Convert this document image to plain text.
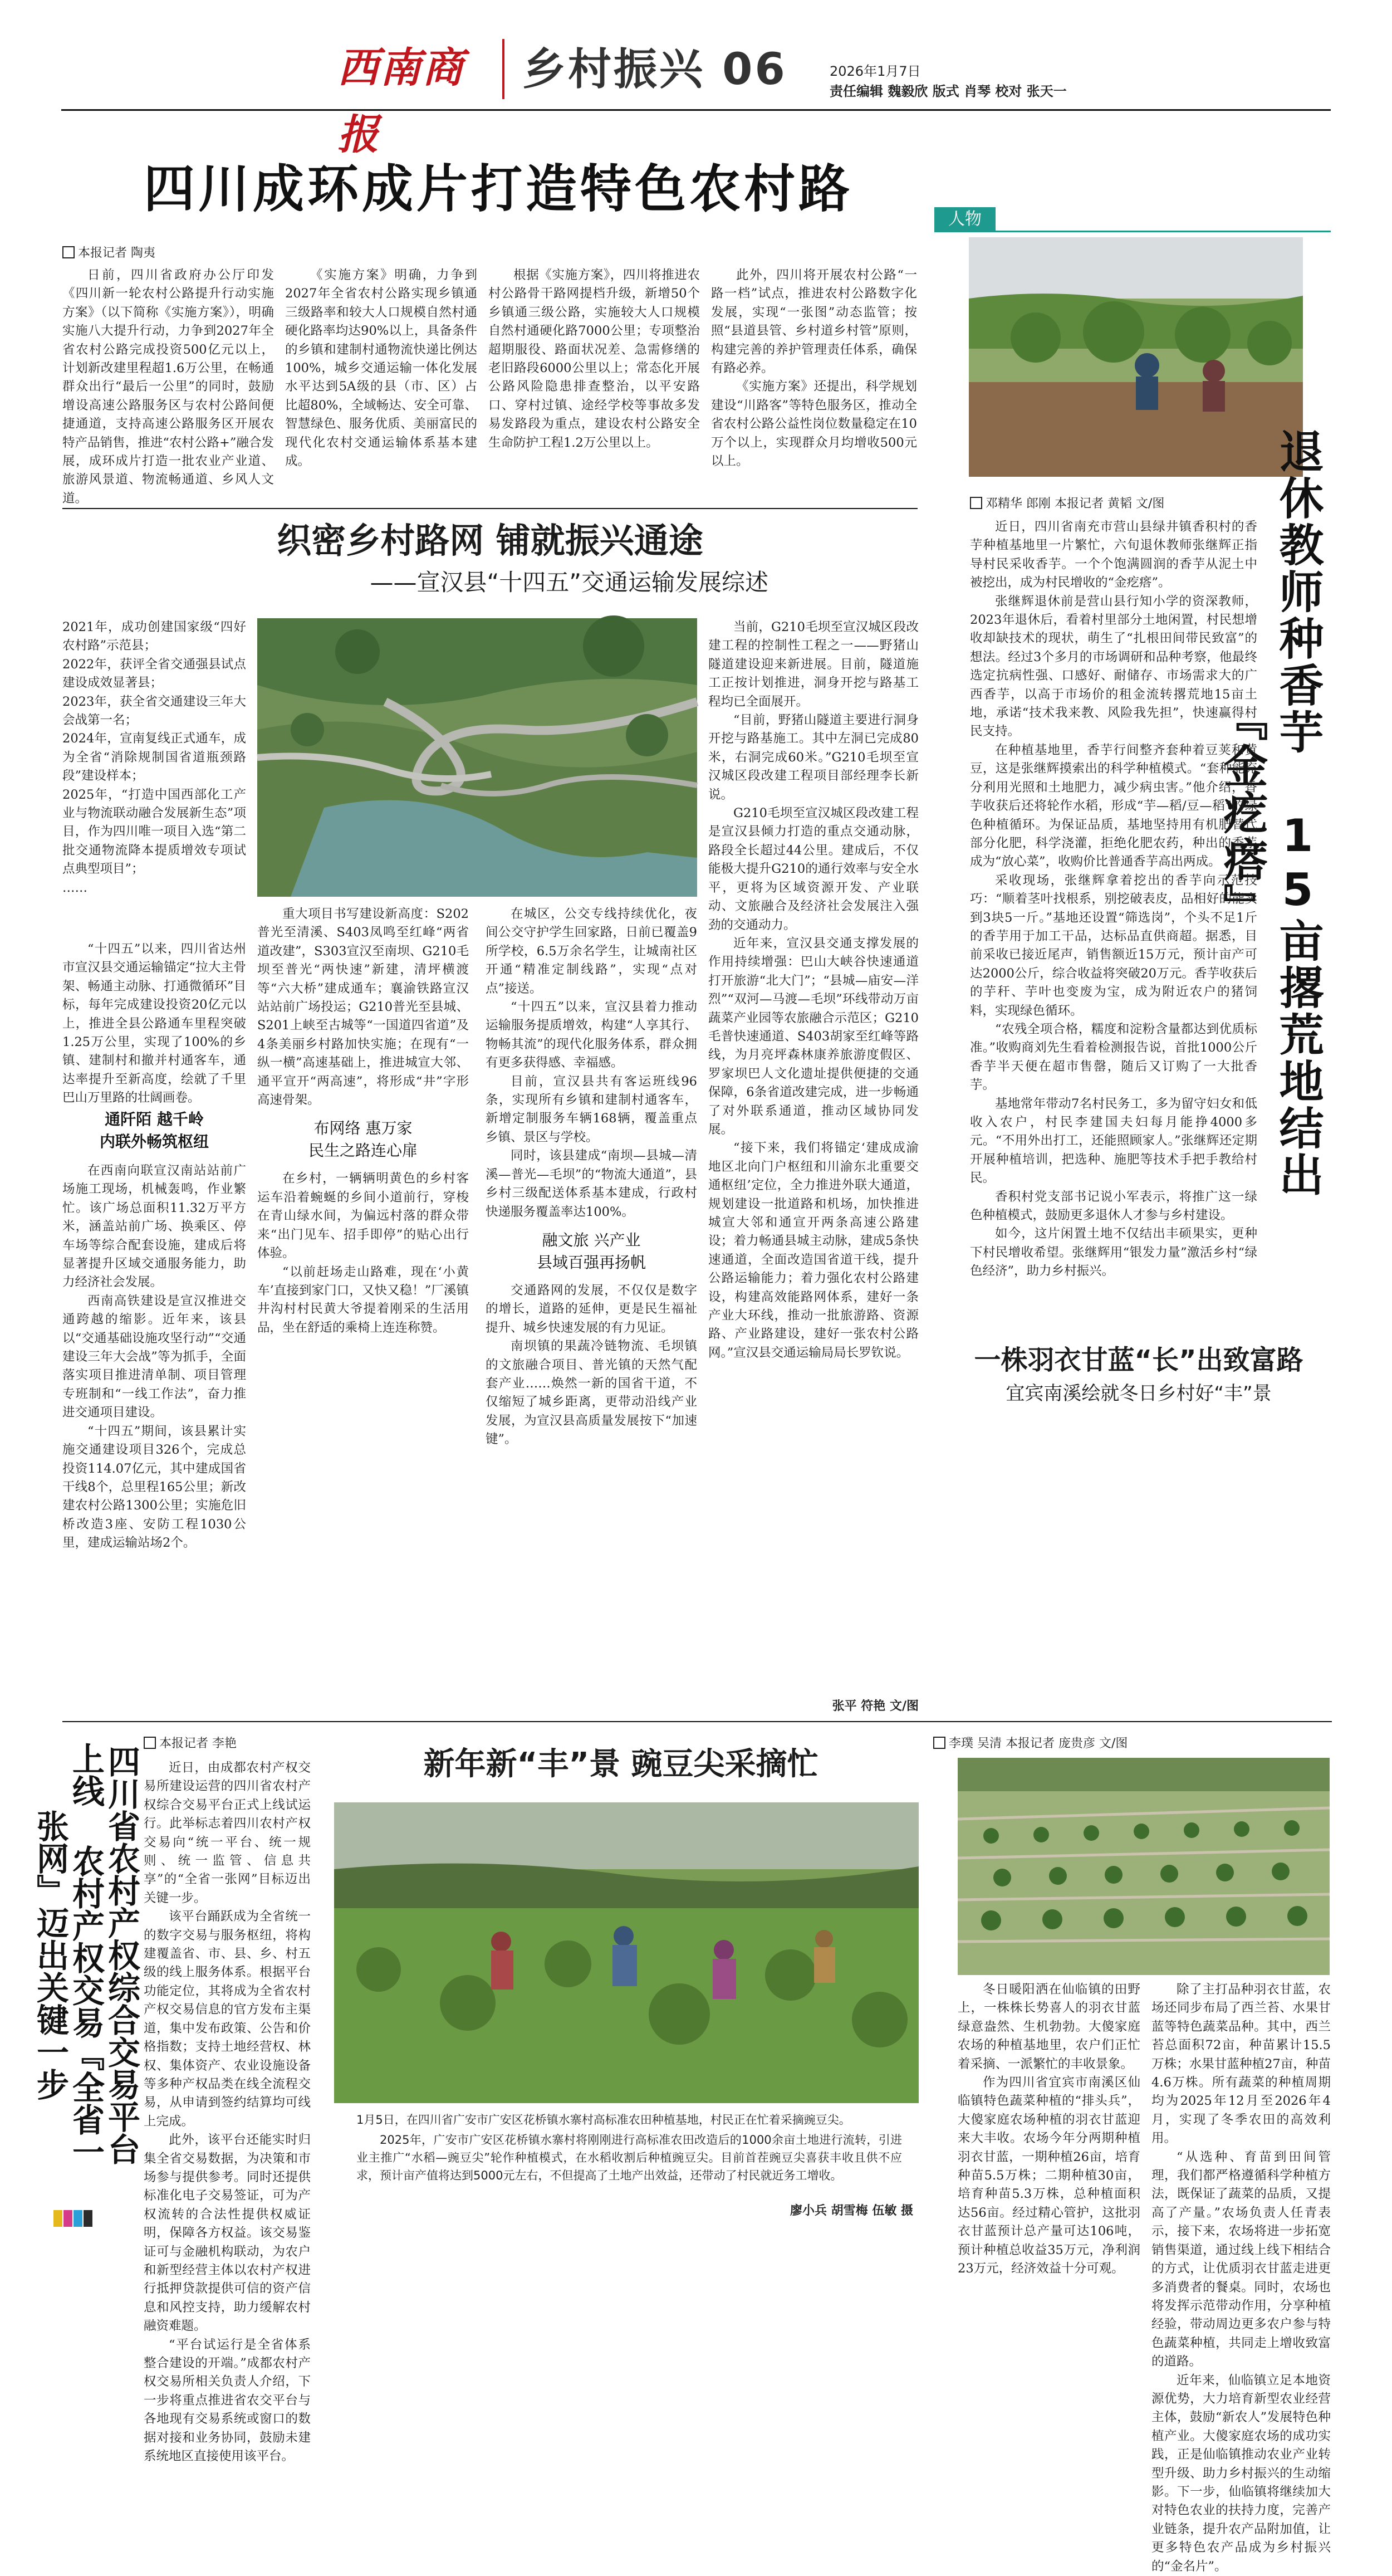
西南商报
乡村振兴 06	2026年1月7日
责任编辑 魏毅欣 版式 肖琴 校对 张天一
四川成环成片打造特色农村路
本报记者 陶夷

日前，四川省政府办公厅印发《四川新一轮农村公路提升行动实施方案》（以下简称《实施方案》），明确实施八大提升行动，力争到2027年全省农村公路完成投资500亿元以上，计划新改建里程超1.6万公里，在畅通群众出行“最后一公里”的同时，鼓励增设高速公路服务区与农村公路间便捷通道，支持高速公路服务区开展农特产品销售，推进“农村公路+”融合发展，成环成片打造一批农业产业道、旅游风景道、物流畅通道、乡风人文道。

《实施方案》明确，力争到2027年全省农村公路实现乡镇通三级路率和较大人口规模自然村通硬化路率均达90%以上，具备条件的乡镇和建制村通物流快递比例达100%，城乡交通运输一体化发展水平达到5A级的县（市、区）占比超80%，全域畅达、安全可靠、智慧绿色、服务优质、美丽富民的现代化农村交通运输体系基本建成。

根据《实施方案》，四川将推进农村公路骨干路网提档升级，新增50个乡镇通三级公路，实施较大人口规模自然村通硬化路7000公里；专项整治超期服役、路面状况差、急需修缮的老旧路段6000公里以上；常态化开展公路风险隐患排查整治，以平安路口、穿村过镇、途经学校等事故多发易发路段为重点，建设农村公路安全生命防护工程1.2万公里以上。

此外，四川将开展农村公路“一路一档”试点，推进农村公路数字化发展，实现“一张图”动态监管；按照“县道县管、乡村道乡村管”原则，构建完善的养护管理责任体系，确保有路必养。

《实施方案》还提出，科学规划建设“川路客”等特色服务区，推动全省农村公路公益性岗位数量稳定在10万个以上，实现群众月均增收500元以上。

织密乡村路网 铺就振兴通途
——宣汉县“十四五”交通运输发展综述

2021年，成功创建国家级“四好农村路”示范县；

2022年，获评全省交通强县试点建设成效显著县；

2023年，获全省交通建设三年大会战第一名；

2024年，宣南复线正式通车，成为全省“消除规制国省道瓶颈路段”建设样本；

2025年，“打造中国西部化工产业与物流联动融合发展新生态”项目，作为四川唯一项目入选“第二批交通物流降本提质增效专项试点典型项目”；

……

“十四五”以来，四川省达州市宣汉县交通运输锚定“拉大主骨架、畅通主动脉、打通微循环”目标，每年完成建设投资20亿元以上，推进全县公路通车里程突破1.25万公里，实现了100%的乡镇、建制村和撤并村通客车，通达率提升至新高度，绘就了千里巴山万里路的壮阔画卷。

通阡陌 越千岭
内联外畅筑枢纽

在西南向联宣汉南站站前广场施工现场，机械轰鸣，作业繁忙。该广场总面积11.32万平方米，涵盖站前广场、换乘区、停车场等综合配套设施，建成后将显著提升区域交通服务能力，助力经济社会发展。

西南高铁建设是宣汉推进交通跨越的缩影。近年来，该县以“交通基础设施攻坚行动”“交通建设三年大会战”等为抓手，全面落实项目推进清单制、项目管理专班制和“一线工作法”，奋力推进交通项目建设。

“十四五”期间，该县累计实施交通建设项目326个，完成总投资114.07亿元，其中建成国省干线8个，总里程165公里；新改建农村公路1300公里；实施危旧桥改造3座、安防工程1030公里，建成运输站场2个。

重大项目书写建设新高度：S202普光至清溪、S403凤鸣至红峰“两省道改建”，S303宣汉至南坝、G210毛坝至普光“两快速”新建，清坪横渡等“六大桥”建成通车；襄渝铁路宣汉站站前广场投运；G210普光至县城、S201上峡至古城等“一国道四省道”及4条美丽乡村路加快实施；在现有“一纵一横”高速基础上，推进城宣大邻、通平宣开“两高速”，将形成“井”字形高速骨架。

布网络 惠万家
民生之路连心扉

在乡村，一辆辆明黄色的乡村客运车沿着蜿蜒的乡间小道前行，穿梭在青山绿水间，为偏远村落的群众带来“出门见车、招手即停”的贴心出行体验。

“以前赶场走山路难，现在‘小黄车’直接到家门口，又快又稳！”厂溪镇井沟村村民黄大爷提着刚采的生活用品，坐在舒适的乘椅上连连称赞。

在城区，公交专线持续优化，夜间公交守护学生回家路，日前已覆盖9所学校，6.5万余名学生，让城南社区开通“精准定制线路”，实现“点对点”接送。

“十四五”以来，宣汉县着力推动运输服务提质增效，构建“人享其行、物畅其流”的现代化服务体系，群众拥有更多获得感、幸福感。

目前，宣汉县共有客运班线96条，实现所有乡镇和建制村通客车，新增定制服务车辆168辆，覆盖重点乡镇、景区与学校。

同时，该县建成“南坝—县城—清溪—普光—毛坝”的“物流大通道”，县乡村三级配送体系基本建成，行政村快递服务覆盖率达100%。

融文旅 兴产业
县域百强再扬帆

交通路网的发展，不仅仅是数字的增长，道路的延伸，更是民生福祉提升、城乡快速发展的有力见证。

南坝镇的果蔬冷链物流、毛坝镇的文旅融合项目、普光镇的天然气配套产业……焕然一新的国省干道，不仅缩短了城乡距离，更带动沿线产业发展，为宣汉县高质量发展按下“加速键”。

当前，G210毛坝至宣汉城区段改建工程的控制性工程之一——野猪山隧道建设迎来新进展。目前，隧道施工正按计划推进，洞身开挖与路基工程均已全面展开。

“目前，野猪山隧道主要进行洞身开挖与路基施工。其中左洞已完成80米，右洞完成60米。”G210毛坝至宣汉城区段改建工程项目部经理李长新说。

G210毛坝至宣汉城区段改建工程是宣汉县倾力打造的重点交通动脉，路段全长超过44公里。建成后，不仅能极大提升G210的通行效率与安全水平，更将为区域资源开发、产业联动、文旅融合及经济社会发展注入强劲的交通动力。

近年来，宣汉县交通支撑发展的作用持续增强：巴山大峡谷快速通道打开旅游“北大门”；“县城—庙安—洋烈”“双河—马渡—毛坝”环线带动万亩蔬菜产业园等农旅融合示范区；G210毛普快速通道、S403胡家至红峰等路线，为月亮坪森林康养旅游度假区、罗家坝巴人文化遗址提供便捷的交通保障，6条省道改建完成，进一步畅通了对外联系通道，推动区域协同发展。

“接下来，我们将锚定‘建成成渝地区北向门户枢纽和川渝东北重要交通枢纽’定位，全力推进外联大通道，规划建设一批道路和机场，加快推进城宣大邻和通宣开两条高速公路建设；着力畅通县城主动脉，建成5条快速通道，全面改造国省道干线，提升公路运输能力；着力强化农村公路建设，构建高效能路网体系，建好一条产业大环线，推动一批旅游路、资源路、产业路建设，建好一张农村公路网。”宣汉县交通运输局局长罗钦说。

张平 符艳 文/图
人物
退休教师种香芋 15亩撂荒地结出『金疙瘩』
邓精华 郎刚 本报记者 黄韬 文/图

近日，四川省南充市营山县绿井镇香积村的香芋种植基地里一片繁忙，六旬退休教师张继辉正指导村民采收香芋。一个个饱满圆润的香芋从泥土中被挖出，成为村民增收的“金疙瘩”。

张继辉退休前是营山县行知小学的资深教师，2023年退休后，看着村里部分土地闲置，村民想增收却缺技术的现状，萌生了“扎根田间带民致富”的想法。经过3个多月的市场调研和品种考察，他最终选定抗病性强、口感好、耐储存、市场需求大的广西香芋，以高于市场价的租金流转撂荒地15亩土地，承诺“技术我来教、风险我先担”，快速赢得村民支持。

在种植基地里，香芋行间整齐套种着豆荚和黄豆，这是张继辉摸索出的科学种植模式。“套种能充分利用光照和土地肥力，减少病虫害。”他介绍，香芋收获后还将轮作水稻，形成“芋—稻/豆—稻”的绿色种植循环。为保证品质，基地坚持用有机肥替代部分化肥，科学浇灌，拒绝化肥农药，种出的香芋成为“放心菜”，收购价比普通香芋高出两成。

采收现场，张继辉拿着挖出的香芋向示范技巧：“顺着茎叶找根系，别挖破表皮，品相好的能卖到3块5一斤。”基地还设置“筛选岗”，个头不足1斤的香芋用于加工干品，达标品直供商超。据悉，目前采收已接近尾声，销售额近15万元，预计亩产可达2000公斤，综合收益将突破20万元。香芋收获后的芋秆、芋叶也变废为宝，成为附近农户的猪饲料，实现绿色循环。

“农残全项合格，糯度和淀粉含量都达到优质标准。”收购商刘先生看着检测报告说，首批1000公斤香芋半天便在超市售罄，随后又订购了一大批香芋。

基地常年带动7名村民务工，多为留守妇女和低收入农户，村民李建国夫妇每月能挣4000多元。“不用外出打工，还能照顾家人。”张继辉还定期开展种植培训，把选种、施肥等技术手把手教给村民。

香积村党支部书记说小军表示，将推广这一绿色种植模式，鼓励更多退休人才参与乡村建设。

如今，这片闲置土地不仅结出丰硕果实，更种下村民增收希望。张继辉用“银发力量”激活乡村“绿色经济”，助力乡村振兴。

一株羽衣甘蓝“长”出致富路
宜宾南溪绘就冬日乡村好“丰”景
四川省农村产权综合交易平台上线 农村产权交易『全省一张网』迈出关键一步
本报记者 李艳

近日，由成都农村产权交易所建设运营的四川省农村产权综合交易平台正式上线试运行。此举标志着四川农村产权交易向“统一平台、统一规则、统一监管、信息共享”的“全省一张网”目标迈出关键一步。

该平台踊跃成为全省统一的数字交易与服务枢纽，将构建覆盖省、市、县、乡、村五级的线上服务体系。根据平台功能定位，其将成为全省农村产权交易信息的官方发布主渠道，集中发布政策、公告和价格指数；支持土地经营权、林权、集体资产、农业设施设备等多种产权品类在线全流程交易，从申请到签约结算均可线上完成。

此外，该平台还能实时归集全省交易数据，为决策和市场参与提供参考。同时还提供标准化电子交易签证，可为产权流转的合法性提供权威证明，保障各方权益。该交易鉴证可与金融机构联动，为农户和新型经营主体以农村产权进行抵押贷款提供可信的资产信息和风控支持，助力缓解农村融资难题。

“平台试运行是全省体系整合建设的开端。”成都农村产权交易所相关负责人介绍，下一步将重点推进省农交平台与各地现有交易系统或窗口的数据对接和业务协同，鼓励未建系统地区直接使用该平台。

新年新“丰”景 豌豆尖采摘忙
1月5日，在四川省广安市广安区花桥镇水寨村高标准农田种植基地，村民正在忙着采摘豌豆尖。
2025年，广安市广安区花桥镇水寨村将刚刚进行高标准农田改造后的1000余亩土地进行流转，引进业主推广“水稻—豌豆尖”轮作种植模式，在水稻收割后种植豌豆尖。目前首茬豌豆尖喜获丰收且供不应求，预计亩产值将达到5000元左右，不但提高了土地产出效益，还带动了村民就近务工增收。
廖小兵 胡雪梅 伍敏 摄
李璞 吴清 本报记者 庞贵彦 文/图

冬日暖阳洒在仙临镇的田野上，一株株长势喜人的羽衣甘蓝绿意盎然、生机勃勃。大傻家庭农场的种植基地里，农户们正忙着采摘、一派繁忙的丰收景象。

作为四川省宜宾市南溪区仙临镇特色蔬菜种植的“排头兵”，大傻家庭农场种植的羽衣甘蓝迎来大丰收。农场今年分两期种植羽衣甘蓝，一期种植26亩，培育种苗5.5万株；二期种植30亩，培育种苗5.3万株，总种植面积达56亩。经过精心管护，这批羽衣甘蓝预计总产量可达106吨，预计种植总收益35万元，净利润23万元，经济效益十分可观。

除了主打品种羽衣甘蓝，农场还同步布局了西兰苔、水果甘蓝等特色蔬菜品种。其中，西兰苔总面积72亩，种苗累计15.5万株；水果甘蓝种植27亩，种苗4.6万株。所有蔬菜的种植周期均为2025年12月至2026年4月，实现了冬季农田的高效利用。

“从选种、育苗到田间管理，我们都严格遵循科学种植方法，既保证了蔬菜的品质，又提高了产量。”农场负责人任青表示，接下来，农场将进一步拓宽销售渠道，通过线上线下相结合的方式，让优质羽衣甘蓝走进更多消费者的餐桌。同时，农场也将发挥示范带动作用，分享种植经验，带动周边更多农户参与特色蔬菜种植，共同走上增收致富的道路。

近年来，仙临镇立足本地资源优势，大力培育新型农业经营主体，鼓励“新农人”发展特色种植产业。大傻家庭农场的成功实践，正是仙临镇推动农业产业转型升级、助力乡村振兴的生动缩影。下一步，仙临镇将继续加大对特色农业的扶持力度，完善产业链条，提升农产品附加值，让更多特色农产品成为乡村振兴的“金名片”。
